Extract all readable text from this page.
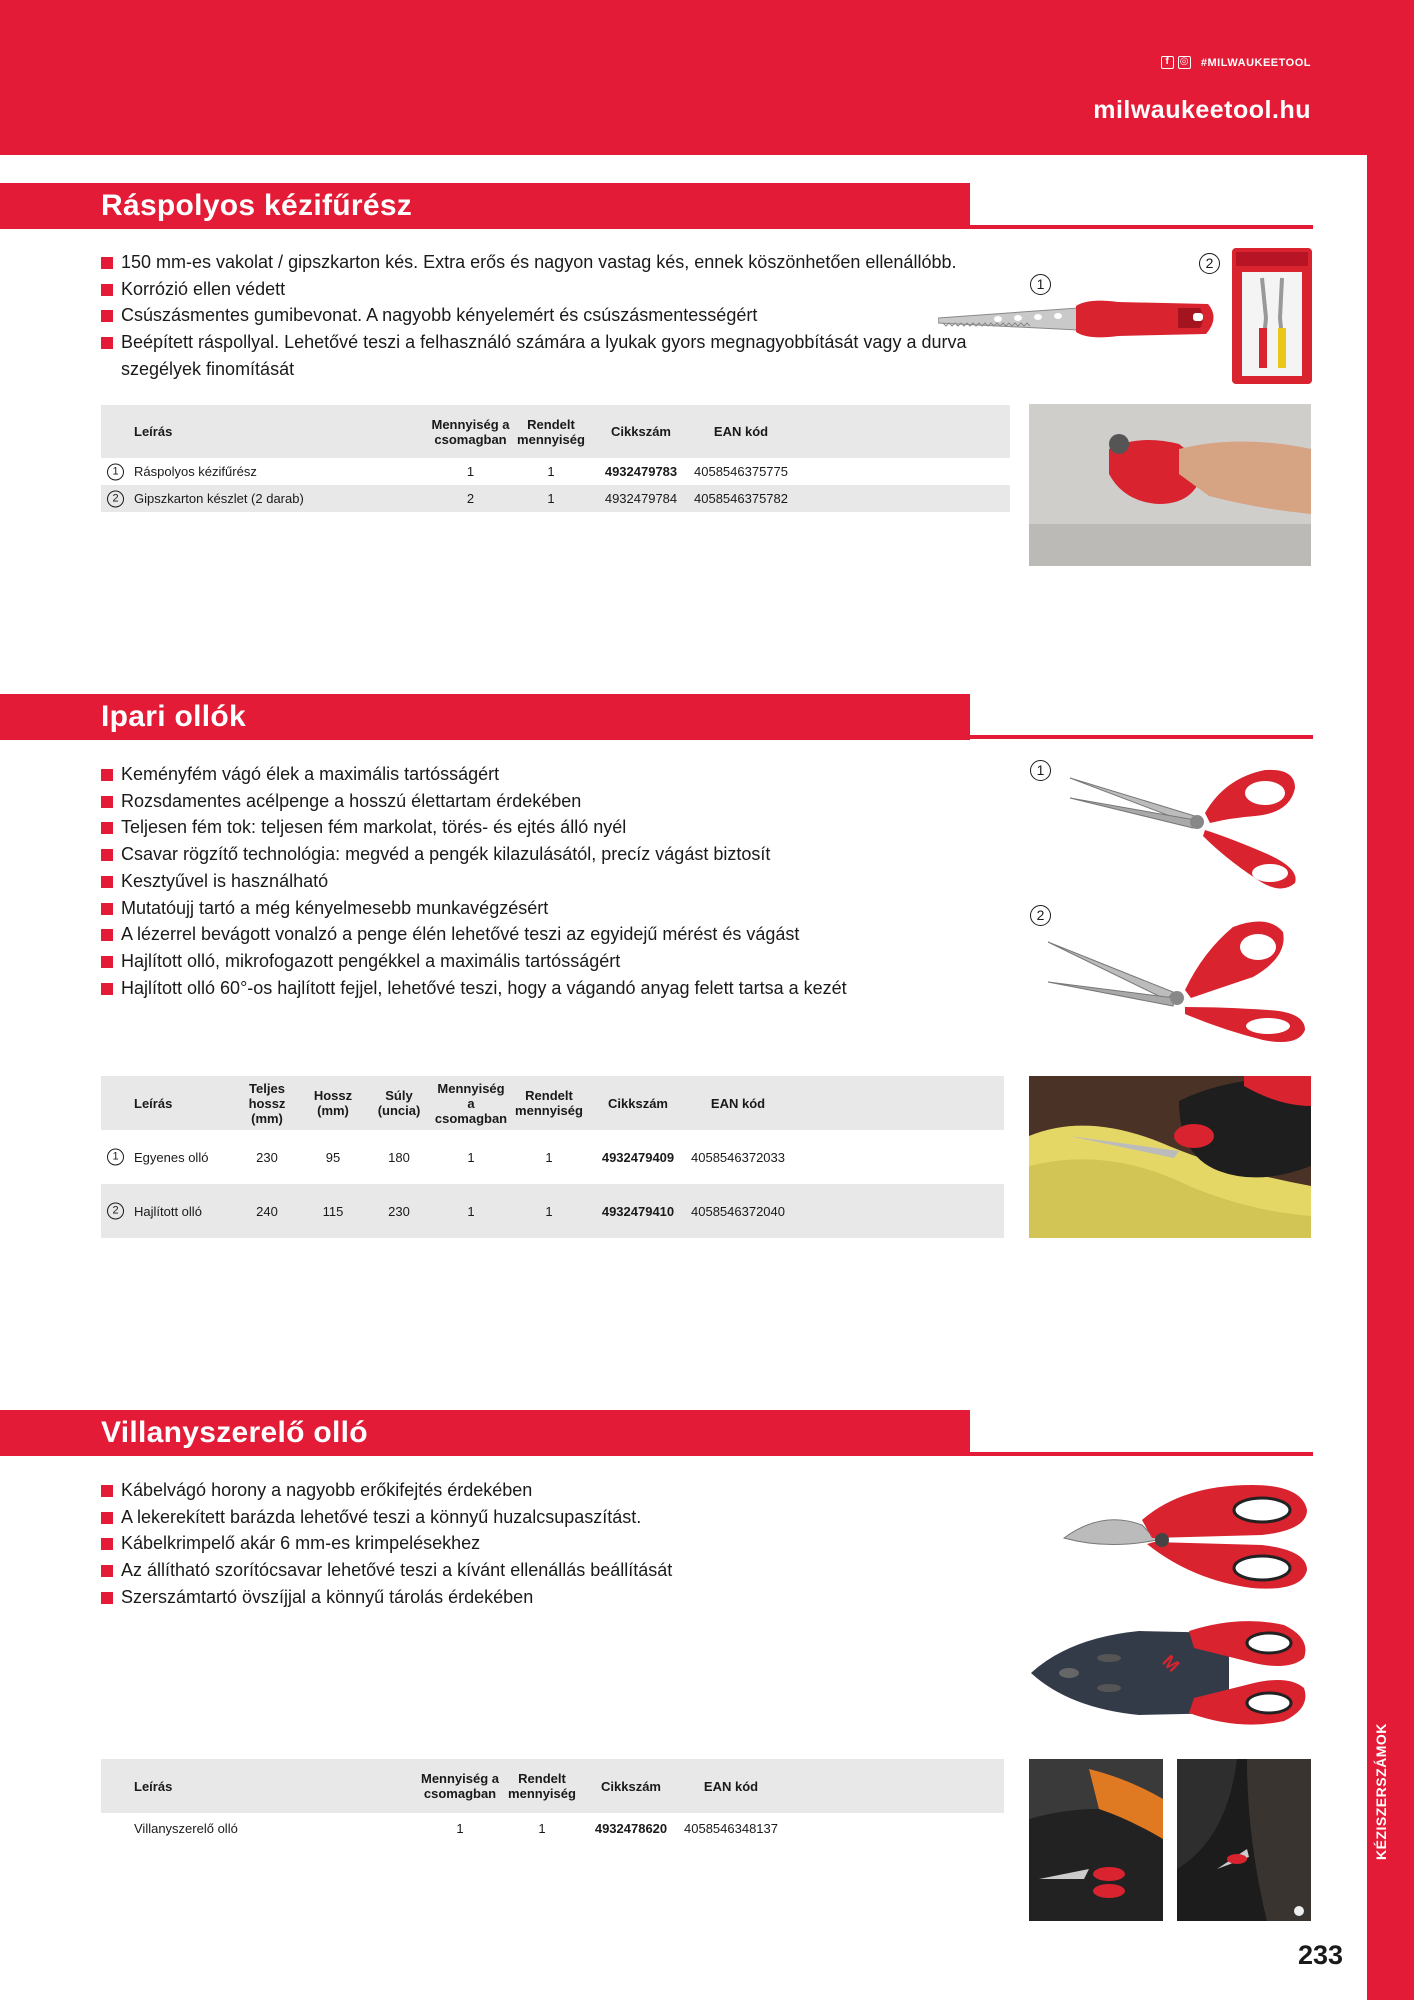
f	◎ #MILWAUKEETOOL
milwaukeetool.hu
KÉZISZERSZÁMOK
Ráspolyos kézifűrész
150 mm-es vakolat / gipszkarton kés. Extra erős és nagyon vastag kés, ennek köszönhetően ellenállóbb.
Korrózió ellen védett
Csúszásmentes gumibevonat. A nagyobb kényelemért és csúszásmentességért
Beépített ráspollyal. Lehetővé teszi a felhasználó számára a lyukak gyors megnagyobbítását vagy a durva szegélyek finomítását
1
2
Leírás	Mennyiség a csomagban	Rendelt mennyiség	Cikkszám	EAN kód	

1 Ráspolyos kézifűrész	1	1	4932479783	4058546375775	

2 Gipszkarton készlet (2 darab)	2	1	4932479784	4058546375782	
Ipari ollók
Keményfém vágó élek a maximális tartósságért
Rozsdamentes acélpenge a hosszú élettartam érdekében
Teljesen fém tok: teljesen fém markolat, törés- és ejtés álló nyél
Csavar rögzítő technológia: megvéd a pengék kilazulásától, precíz vágást biztosít
Kesztyűvel is használható
Mutatóujj tartó a még kényelmesebb munkavégzésért
A lézerrel bevágott vonalzó a penge élén lehetővé teszi az egyidejű mérést és vágást
Hajlított olló, mikrofogazott pengékkel a maximális tartósságért
Hajlított olló 60°-os hajlított fejjel, lehetővé teszi, hogy a vágandó anyag felett tartsa a kezét
1
2
Leírás	Teljes hossz (mm)	Hossz (mm)	Súly (uncia)	Mennyiség a csomagban	Rendelt mennyiség	Cikkszám	EAN kód	

1 Egyenes olló	230	95	180	1	1	4932479409	4058546372033	

2 Hajlított olló	240	115	230	1	1	4932479410	4058546372040	
Villanyszerelő olló
Kábelvágó horony a nagyobb erőkifejtés érdekében
A lekerekített barázda lehetővé teszi a könnyű huzalcsupaszítást.
Kábelkrimpelő akár 6 mm-es krimpelésekhez
Az állítható szorítócsavar lehetővé teszi a kívánt ellenállás beállítását
Szerszámtartó övszíjjal a könnyű tárolás érdekében
M
Leírás	Mennyiség a csomagban	Rendelt mennyiség	Cikkszám	EAN kód	
Villanyszerelő olló	1	1	4932478620	4058546348137	
233
